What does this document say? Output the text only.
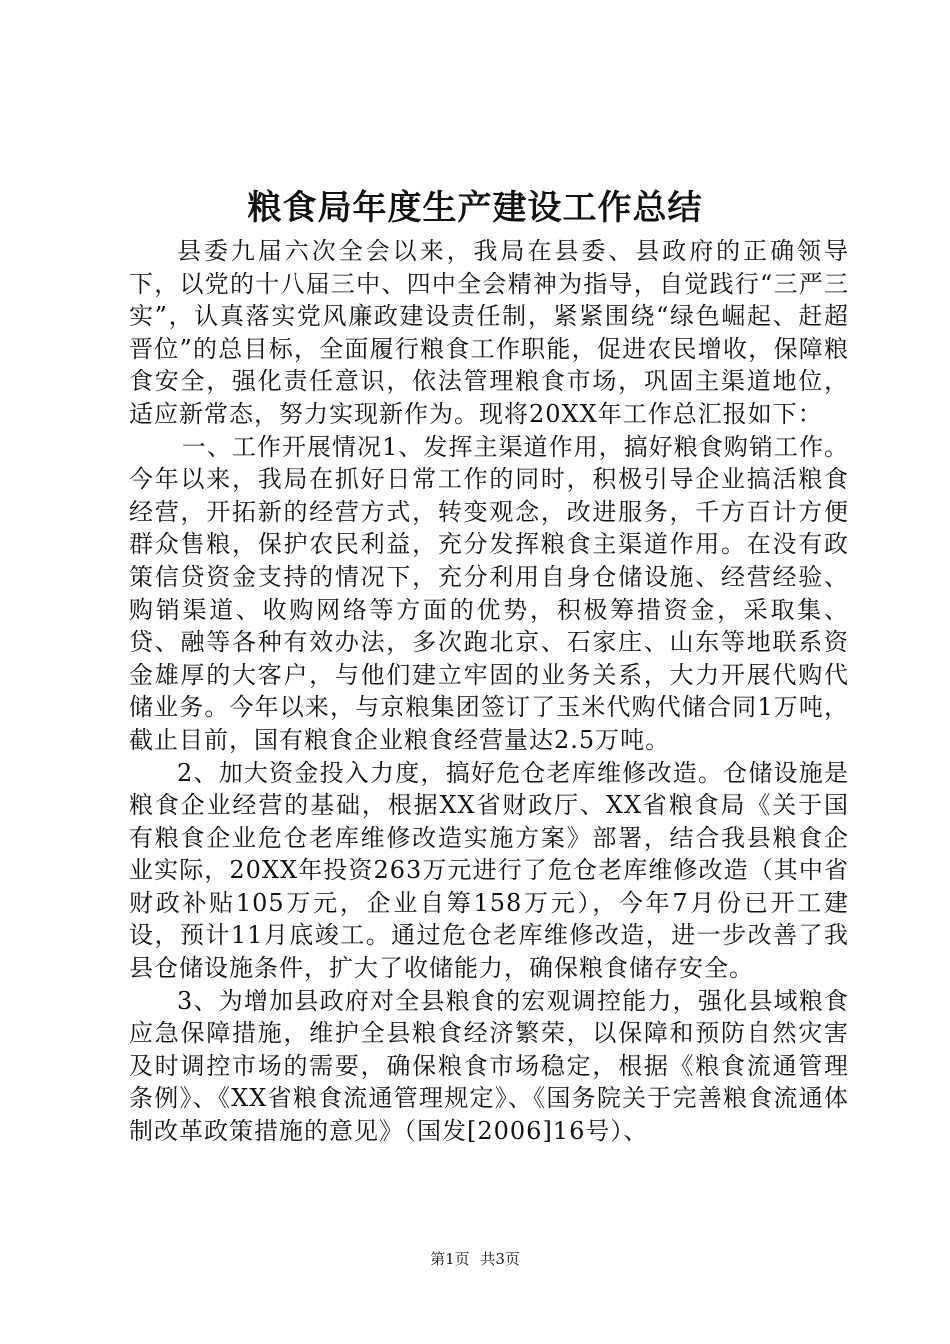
粮食局年度生产建设工作总结

县委九届六次全会以来，我局在县委、县政府的正确领导下，以党的十八届三中、四中全会精神为指导，自觉践行“三严三实”，认真落实党风廉政建设责任制，紧紧围绕“绿色崛起、赶超晋位”的总目标，全面履行粮食工作职能，促进农民增收，保障粮食安全，强化责任意识，依法管理粮食市场，巩固主渠道地位，适应新常态，努力实现新作为。现将20XX年工作总汇报如下：

一、工作开展情况1、发挥主渠道作用，搞好粮食购销工作。今年以来，我局在抓好日常工作的同时，积极引导企业搞活粮食经营，开拓新的经营方式，转变观念，改进服务，千方百计方便群众售粮，保护农民利益，充分发挥粮食主渠道作用。在没有政策信贷资金支持的情况下，充分利用自身仓储设施、经营经验、购销渠道、收购网络等方面的优势，积极筹措资金，采取集、贷、融等各种有效办法，多次跑北京、石家庄、山东等地联系资金雄厚的大客户，与他们建立牢固的业务关系，大力开展代购代储业务。今年以来，与京粮集团签订了玉米代购代储合同1万吨，截止目前，国有粮食企业粮食经营量达2.5万吨。

2、加大资金投入力度，搞好危仓老库维修改造。仓储设施是粮食企业经营的基础，根据XX省财政厅、XX省粮食局《关于国有粮食企业危仓老库维修改造实施方案》部署，结合我县粮食企业实际，20XX年投资263万元进行了危仓老库维修改造（其中省财政补贴105万元，企业自筹158万元），今年7月份已开工建设，预计11月底竣工。通过危仓老库维修改造，进一步改善了我县仓储设施条件，扩大了收储能力，确保粮食储存安全。

3、为增加县政府对全县粮食的宏观调控能力，强化县域粮食应急保障措施，维护全县粮食经济繁荣，以保障和预防自然灾害及时调控市场的需要，确保粮食市场稳定，根据《粮食流通管理条例》、《XX省粮食流通管理规定》、《国务院关于完善粮食流通体制改革政策措施的意见》（国发[2006]16号）、

第1页 共3页
